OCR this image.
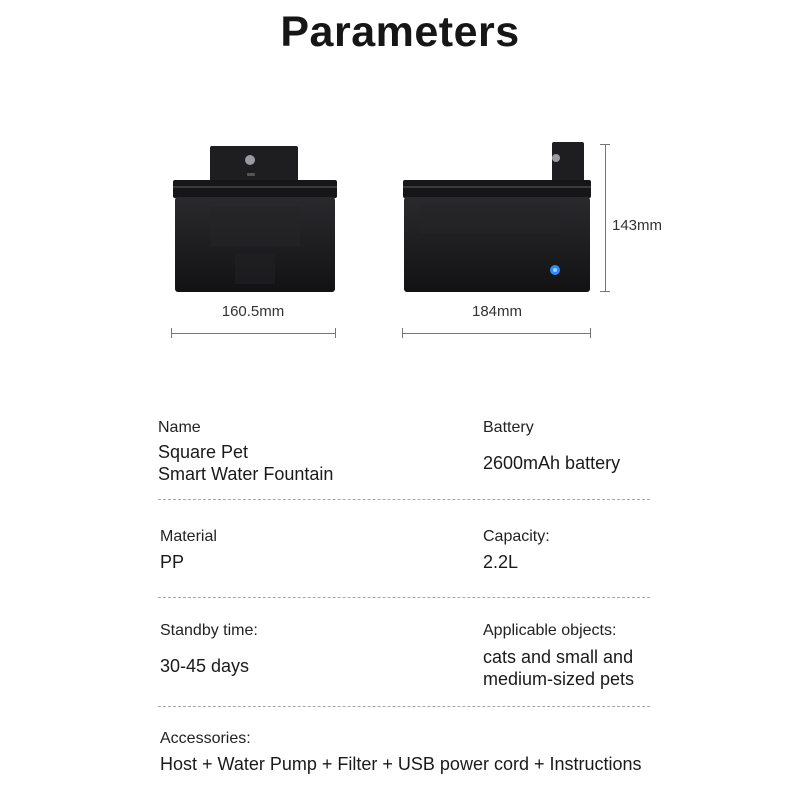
Parameters
160.5mm	184mm
143mm
Name
Square Pet
Smart Water Fountain
Battery
2600mAh battery
Material
PP
Capacity:
2.2L
Standby time:
30-45 days
Applicable objects:
cats and small and
medium-sized pets
Accessories:
Host + Water Pump + Filter + USB power cord + Instructions
